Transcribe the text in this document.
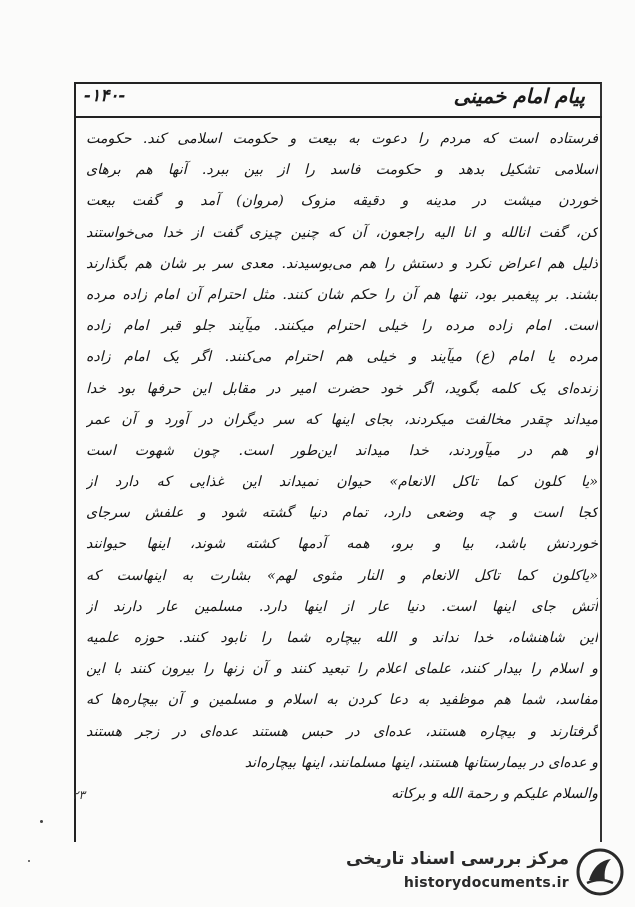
-۱۴۰-	پیام امام خمینی
فرستاده است که مردم را دعوت به بیعت و حکومت اسلامی کند. حکومت
اسلامی تشکیل بدهد و حکومت فاسد را از بین ببرد. آنها هم برهای
خوردن میشت در مدینه و دقیقه مزوک (مروان) آمد و گفت بیعت
کن، گفت انالله و انا الیه راجعون، آن که چنین چیزی گفت از خدا می‌خواستند
ذلیل هم اعراض نکرد و دستش را هم می‌بوسیدند. معدی سر بر شان هم بگذارند
بشند. بر پیغمبر بود، تنها هم آن را حکم شان کنند. مثل احترام آن امام زاده مرده
است. امام زاده مرده را خیلی احترام میکنند. میآیند جلو قبر امام زاده
مرده یا امام (ع) میآیند و خیلی هم احترام می‌کنند. اگر یک امام زاده
زنده‌ای یک کلمه بگوید، اگر خود حضرت امیر در مقابل این حرفها بود خدا
میداند چقدر مخالفت میکردند، بجای اینها که سر دیگران در آورد و آن عمر
او هم در میآوردند، خدا میداند این‌طور است. چون شهوت است
«یا کلون کما تاکل الانعام» حیوان نمیداند این غذایی که دارد از
کجا است و چه وضعی دارد، تمام دنیا گشته شود و علفش سرجای
خوردنش باشد، بیا و برو، همه آدمها کشته شوند، اینها حیوانند
«یاکلون کما تاکل الانعام و النار مثوی لهم» بشارت به اینهاست که
آتش جای اینها است. دنیا عار از اینها دارد. مسلمین عار دارند از
این شاهنشاه، خدا نداند و الله بیچاره شما را نابود کنند. حوزه علمیه
و اسلام را بیدار کنند، علمای اعلام را تبعید کنند و آن زنها را بیرون کنند با این
مفاسد، شما هم موظفید به دعا کردن به اسلام و مسلمین و آن بیچاره‌ها که
گرفتارند و بیچاره هستند، عده‌ای در حبس هستند عده‌ای در زجر هستند
و عده‌ای در بیمارستانها هستند، اینها مسلمانند، اینها بیچاره‌اند
والسلام علیکم و رحمة الله و برکاته
۲۳
مرکز بررسی اسناد تاریخی
historydocuments.ir
